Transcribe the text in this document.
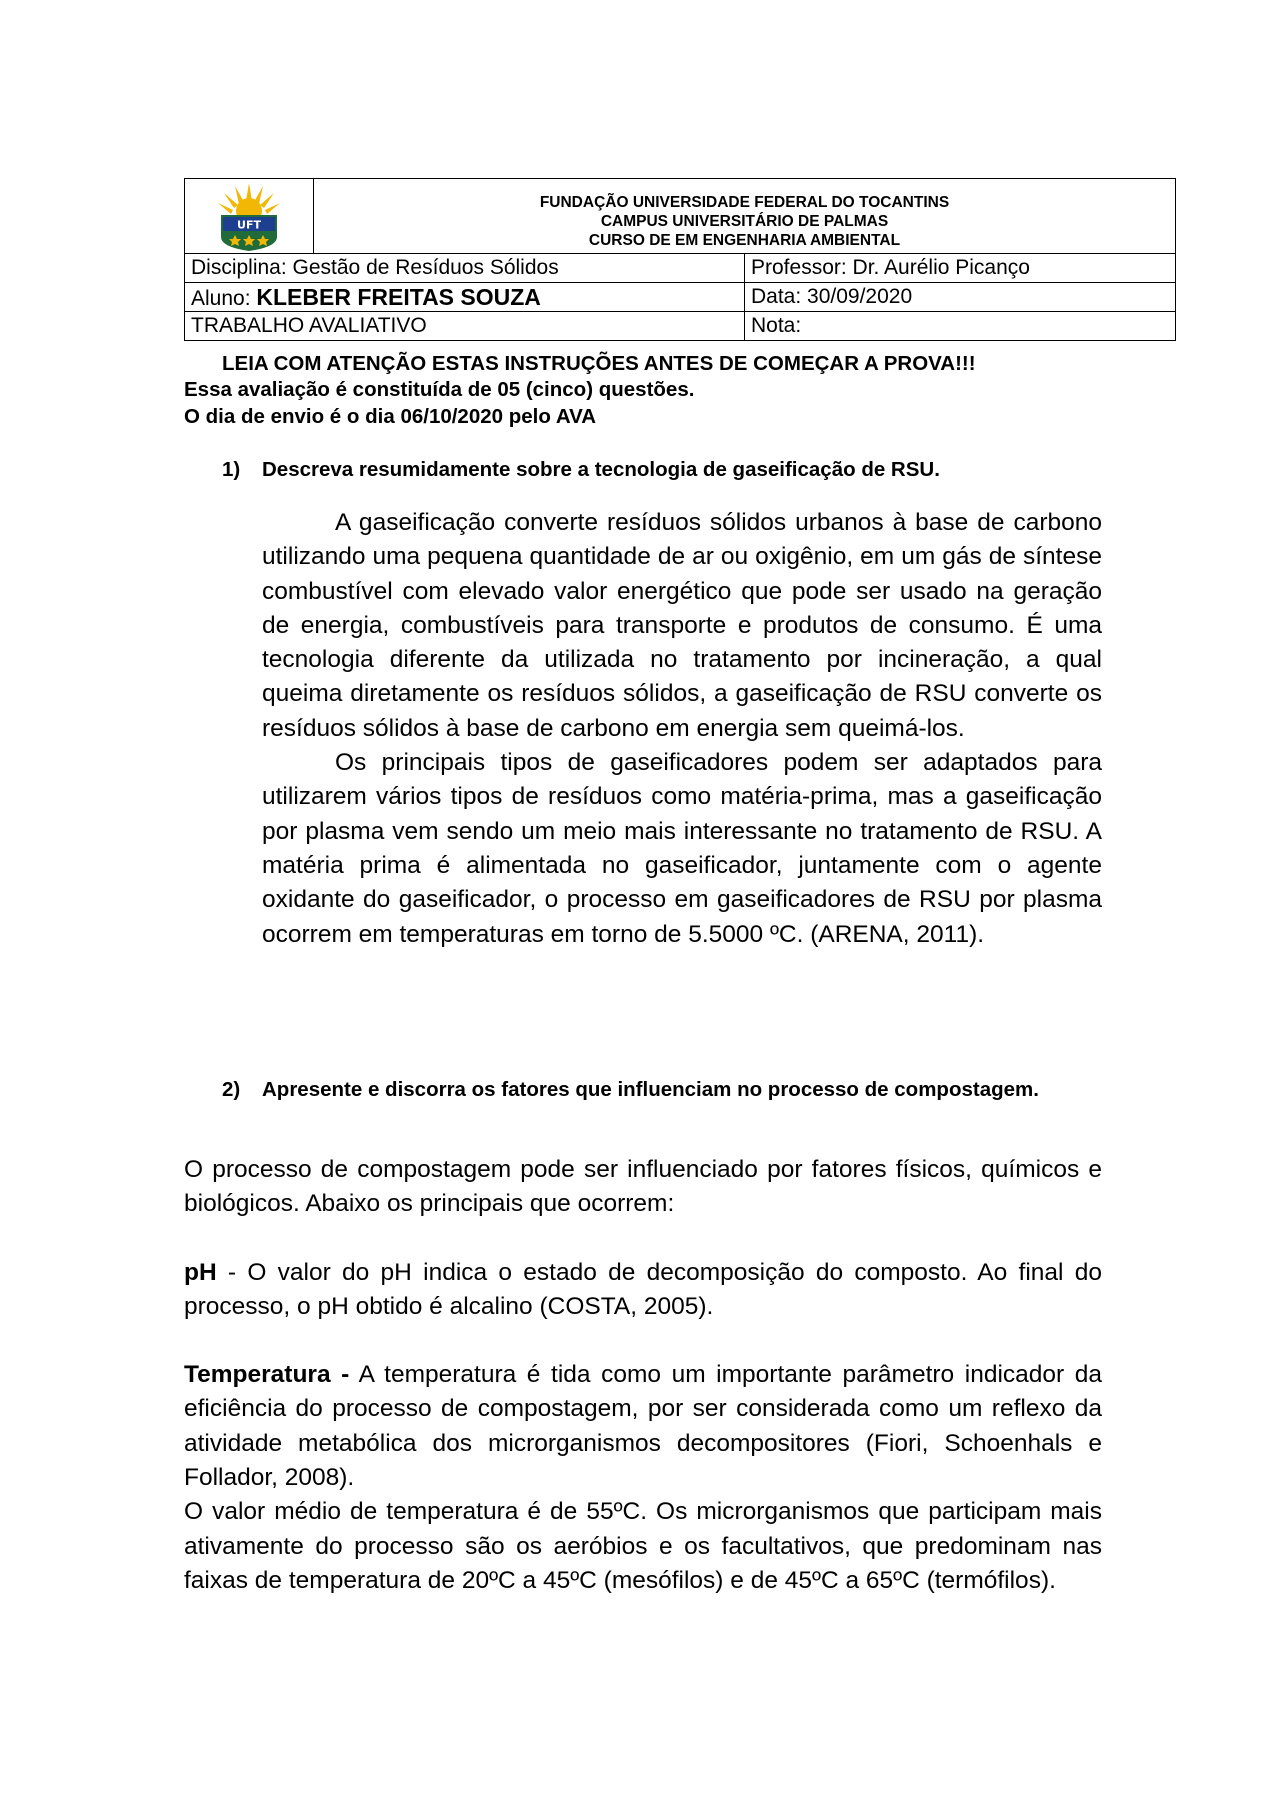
UFT	FUNDAÇÃO UNIVERSIDADE FEDERAL DO TOCANTINS
CAMPUS UNIVERSITÁRIO DE PALMAS
CURSO DE EM ENGENHARIA AMBIENTAL	

Disciplina: Gestão de Resíduos Sólidos		Professor: Dr. Aurélio Picanço
Aluno: KLEBER FREITAS SOUZA		Data: 30/09/2020
TRABALHO AVALIATIVO		Nota:
LEIA COM ATENÇÃO ESTAS INSTRUÇÕES ANTES DE COMEÇAR A PROVA!!!
Essa avaliação é constituída de 05 (cinco) questões.
O dia de envio é o dia 06/10/2020 pelo AVA
1)	Descreva resumidamente sobre a tecnologia de gaseificação de RSU.

A gaseificação converte resíduos sólidos urbanos à base de carbono utilizando uma pequena quantidade de ar ou oxigênio, em um gás de síntese combustível com elevado valor energético que pode ser usado na geração de energia, combustíveis para transporte e produtos de consumo. É uma tecnologia diferente da utilizada no tratamento por incineração, a qual queima diretamente os resíduos sólidos, a gaseificação de RSU converte os resíduos sólidos à base de carbono em energia sem queimá-los.

Os principais tipos de gaseificadores podem ser adaptados para utilizarem vários tipos de resíduos como matéria-prima, mas a gaseificação por plasma vem sendo um meio mais interessante no tratamento de RSU. A matéria prima é alimentada no gaseificador, juntamente com o agente oxidante do gaseificador, o processo em gaseificadores de RSU por plasma ocorrem em temperaturas em torno de 5.5000 ºC. (ARENA, 2011).

2)	Apresente e discorra os fatores que influenciam no processo de compostagem.

O processo de compostagem pode ser influenciado por fatores físicos, químicos e biológicos. Abaixo os principais que ocorrem:

pH - O valor do pH indica o estado de decomposição do composto. Ao final do processo, o pH obtido é alcalino (COSTA, 2005).

Temperatura - A temperatura é tida como um importante parâmetro indicador da eficiência do processo de compostagem, por ser considerada como um reflexo da atividade metabólica dos microrganismos decompositores (Fiori, Schoenhals e Follador, 2008).

O valor médio de temperatura é de 55ºC. Os microrganismos que participam mais ativamente do processo são os aeróbios e os facultativos, que predominam nas faixas de temperatura de 20ºC a 45ºC (mesófilos) e de 45ºC a 65ºC (termófilos).
